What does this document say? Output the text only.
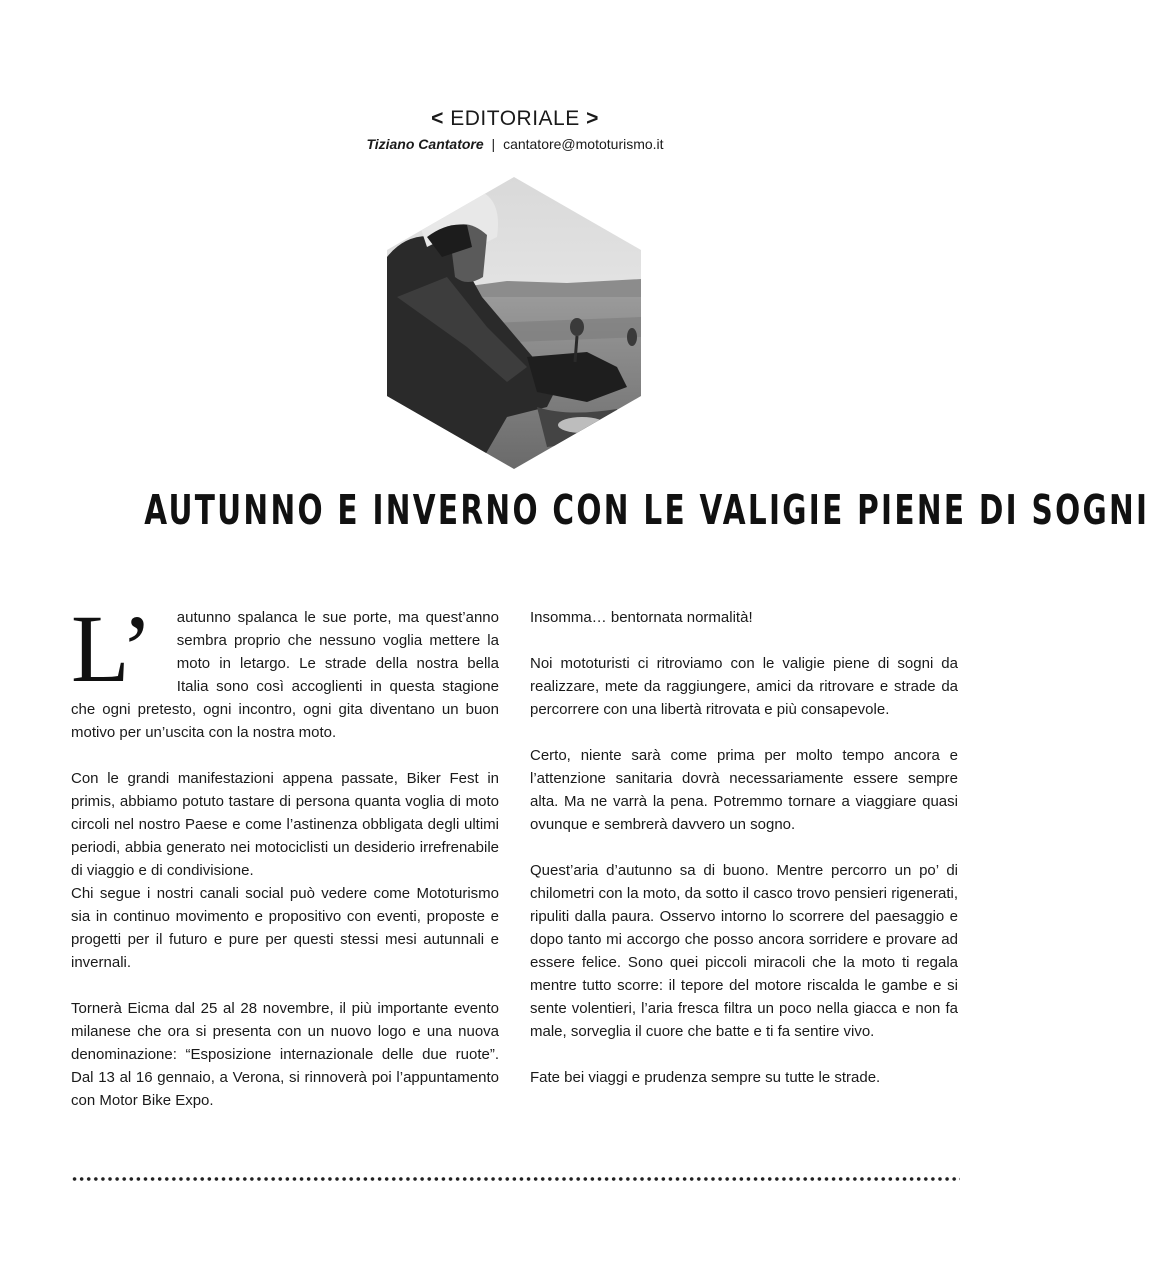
< EDITORIALE >
Tiziano Cantatore | cantatore@mototurismo.it
AUTUNNO E INVERNO CON LE VALIGIE PIENE DI SOGNI

L’ autunno spalanca le sue porte, ma quest’anno sembra proprio che nessuno voglia mettere la moto in letargo. Le strade della nostra bella Italia sono così accoglienti in questa stagione che ogni pretesto, ogni incontro, ogni gita diventano un buon motivo per un’uscita con la nostra moto.

Con le grandi manifestazioni appena passate, Biker Fest in primis, abbiamo potuto tastare di persona quanta voglia di moto circoli nel nostro Paese e come l’astinenza obbligata degli ultimi periodi, abbia generato nei motociclisti un desiderio irrefrenabile di viaggio e di condivisione.

Chi segue i nostri canali social può vedere come Mototurismo sia in continuo movimento e propositivo con eventi, proposte e progetti per il futuro e pure per questi stessi mesi autunnali e invernali.

Tornerà Eicma dal 25 al 28 novembre, il più importante evento milanese che ora si presenta con un nuovo logo e una nuova denominazione: “Esposizione internazionale delle due ruote”. Dal 13 al 16 gennaio, a Verona, si rinnoverà poi l’appuntamento con Motor Bike Expo.

Insomma… bentornata normalità!

Noi mototuristi ci ritroviamo con le valigie piene di sogni da realizzare, mete da raggiungere, amici da ritrovare e strade da percorrere con una libertà ritrovata e più consapevole.

Certo, niente sarà come prima per molto tempo ancora e l’attenzione sanitaria dovrà necessariamente essere sempre alta. Ma ne varrà la pena. Potremmo tornare a viaggiare quasi ovunque e sembrerà davvero un sogno.

Quest’aria d’autunno sa di buono. Mentre percorro un po’ di chilometri con la moto, da sotto il casco trovo pensieri rigenerati, ripuliti dalla paura. Osservo intorno lo scorrere del paesaggio e dopo tanto mi accorgo che posso ancora sorridere e provare ad essere felice. Sono quei piccoli miracoli che la moto ti regala mentre tutto scorre: il tepore del motore riscalda le gambe e si sente volentieri, l’aria fresca filtra un poco nella giacca e non fa male, sorveglia il cuore che batte e ti fa sentire vivo.

Fate bei viaggi e prudenza sempre su tutte le strade.
